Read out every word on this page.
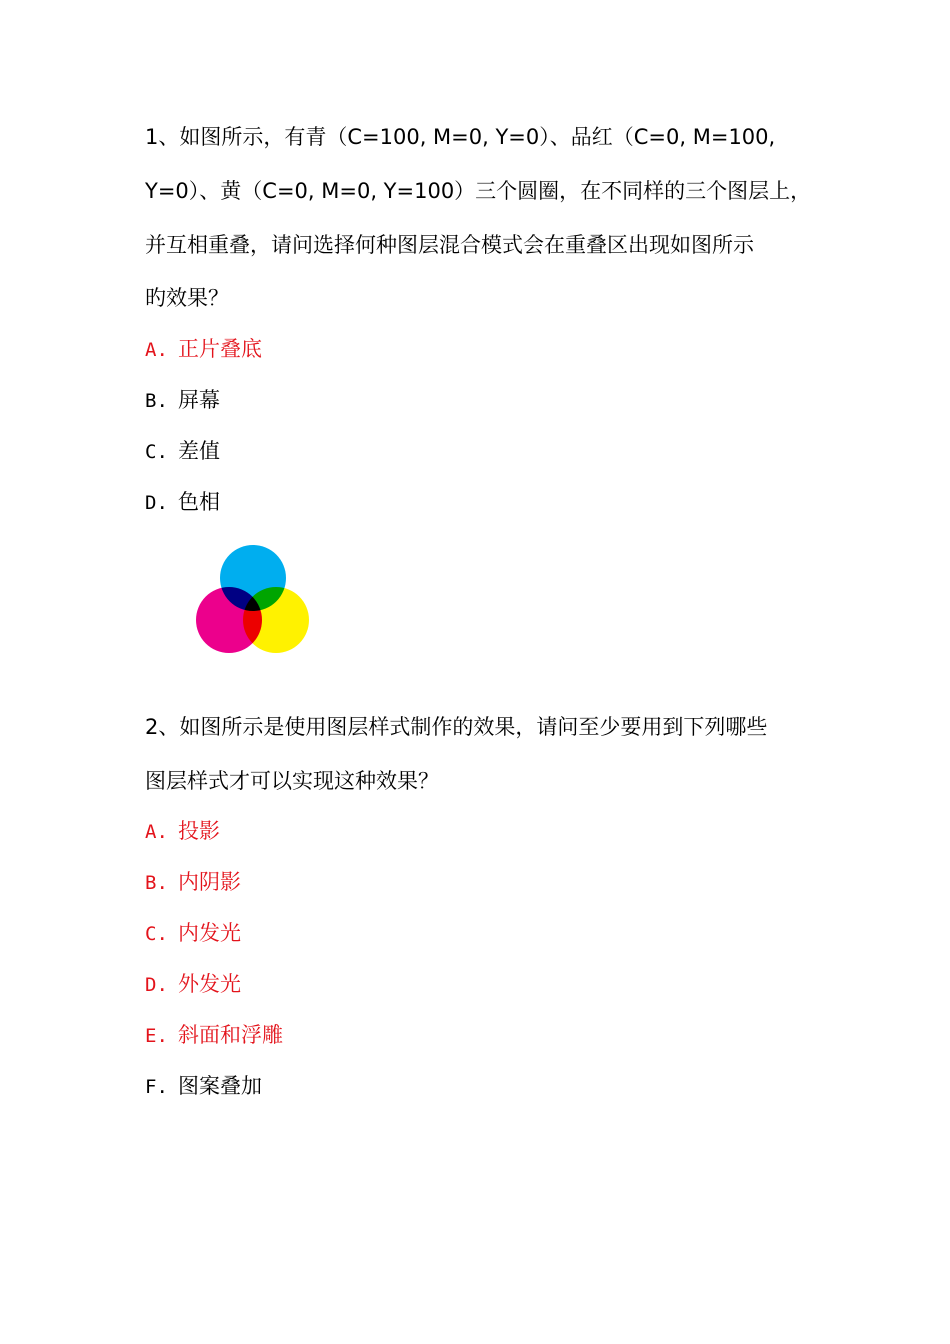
1、如图所示，有青（C=100, M=0, Y=0）、品红（C=0, M=100,
Y=0）、黄（C=0, M=0, Y=100）三个圆圈，在不同样的三个图层上，
并互相重叠，请问选择何种图层混合模式会在重叠区出现如图所示
旳效果？
A. 正片叠底
B. 屏幕
C. 差值
D. 色相
2、如图所示是使用图层样式制作的效果，请问至少要用到下列哪些
图层样式才可以实现这种效果？
A. 投影
B. 内阴影
C. 内发光
D. 外发光
E. 斜面和浮雕
F. 图案叠加
